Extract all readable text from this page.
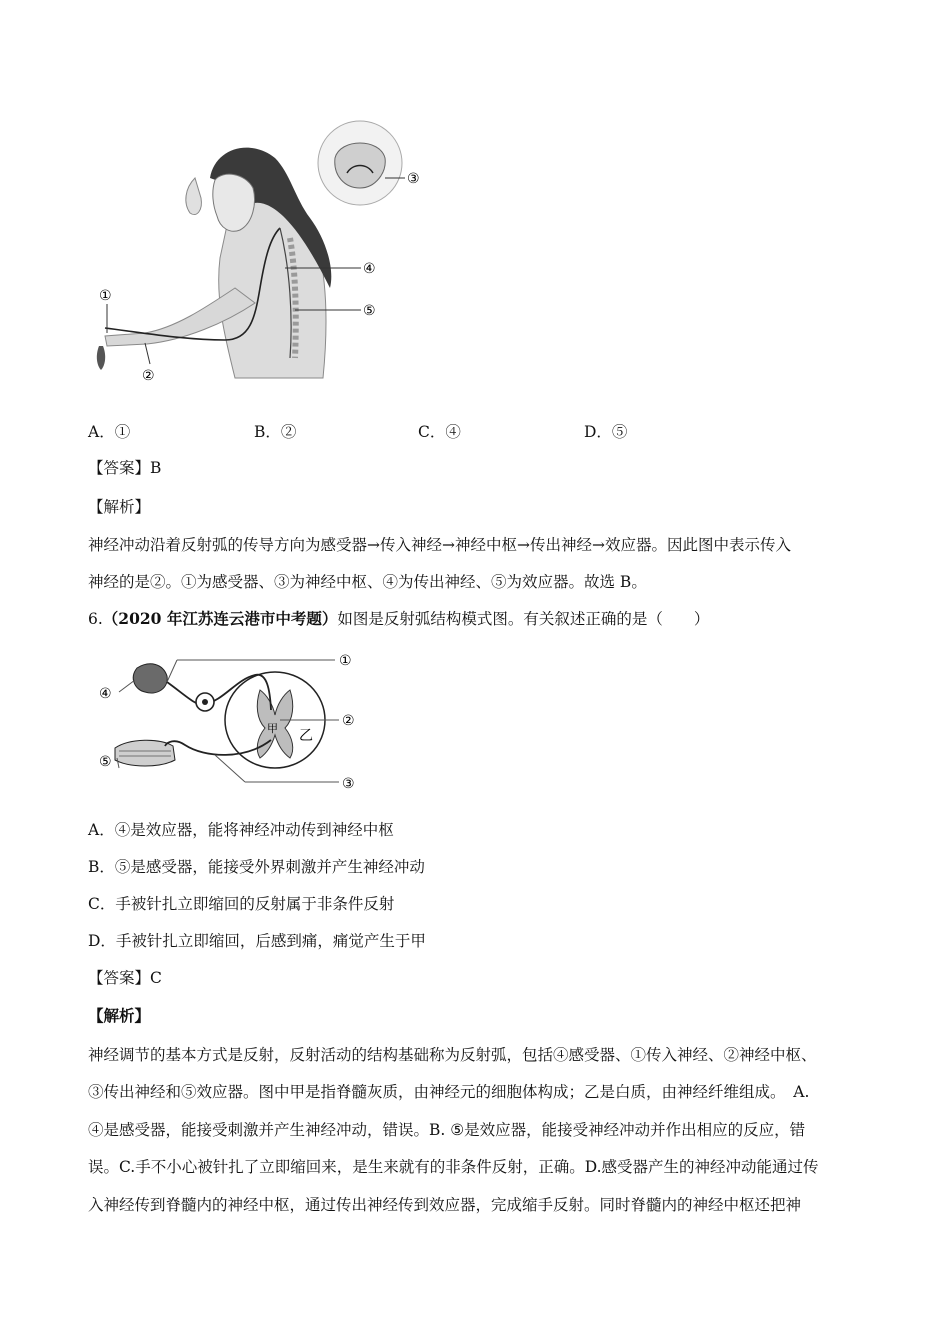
①
②
③
④
⑤
A．①	B．②	C．④	D．⑤
【答案】B
【解析】
神经冲动沿着反射弧的传导方向为感受器→传入神经→神经中枢→传出神经→效应器。因此图中表示传入
神经的是②。①为感受器、③为神经中枢、④为传出神经、⑤为效应器。故选 B。
6.（2020 年江苏连云港市中考题）如图是反射弧结构模式图。有关叙述正确的是（　　）
甲 乙
①
②
③
④
⑤
A．④是效应器，能将神经冲动传到神经中枢
B．⑤是感受器，能接受外界刺激并产生神经冲动
C．手被针扎立即缩回的反射属于非条件反射
D．手被针扎立即缩回，后感到痛，痛觉产生于甲
【答案】C
【解析】
神经调节的基本方式是反射，反射活动的结构基础称为反射弧，包括④感受器、①传入神经、②神经中枢、
③传出神经和⑤效应器。图中甲是指脊髓灰质，由神经元的细胞体构成；乙是白质，由神经纤维组成。　A.
④是感受器，能接受刺激并产生神经冲动，错误。B. ⑤是效应器，能接受神经冲动并作出相应的反应，错
误。C.手不小心被针扎了立即缩回来，是生来就有的非条件反射，正确。D.感受器产生的神经冲动能通过传
入神经传到脊髓内的神经中枢，通过传出神经传到效应器，完成缩手反射。同时脊髓内的神经中枢还把神
